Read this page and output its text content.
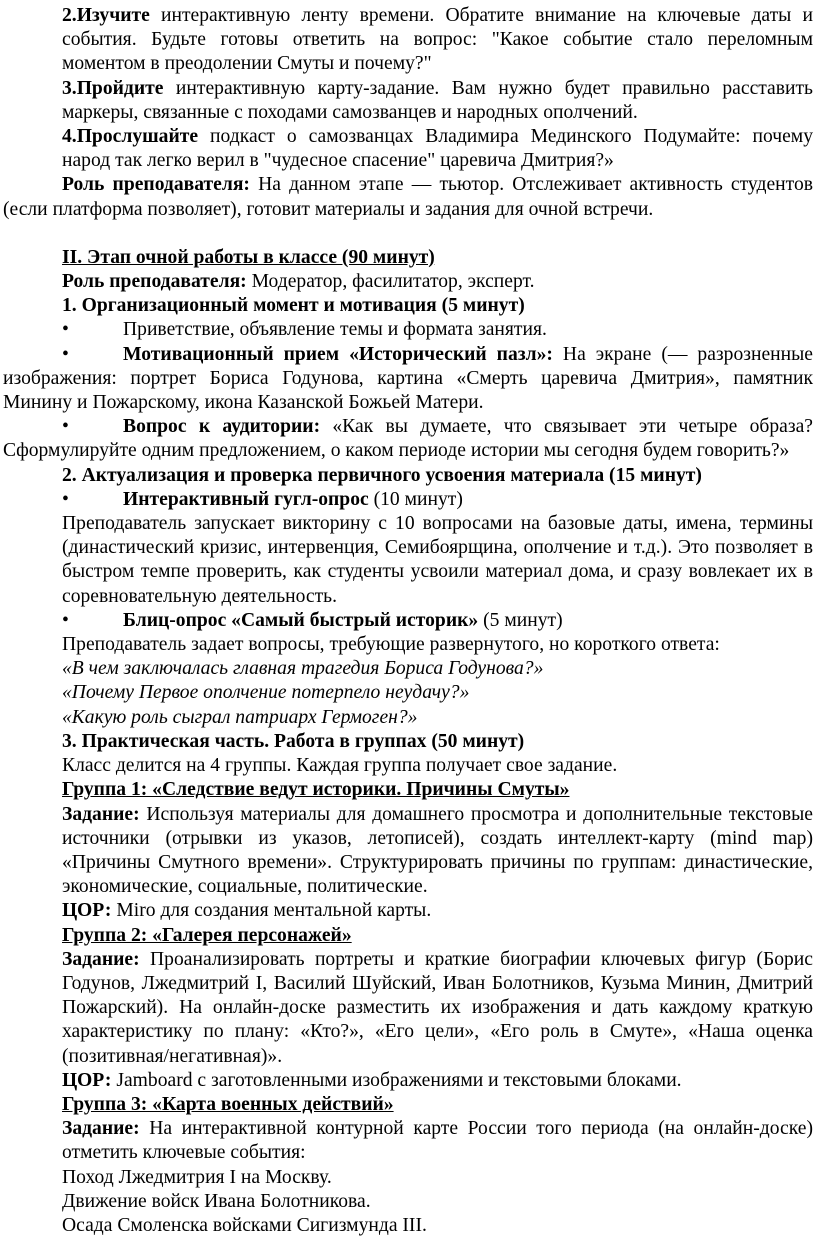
2.Изучите интерактивную ленту времени. Обратите внимание на ключевые даты и события. Будьте готовы ответить на вопрос: "Какое событие стало переломным моментом в преодолении Смуты и почему?"

3.Пройдите интерактивную карту-задание. Вам нужно будет правильно расставить маркеры, связанные с походами самозванцев и народных ополчений.

4.Прослушайте подкаст о самозванцах Владимира Мединского Подумайте: почему народ так легко верил в "чудесное спасение" царевича Дмитрия?»

Роль преподавателя: На данном этапе — тьютор. Отслеживает активность студентов (если платформа позволяет), готовит материалы и задания для очной встречи.

II. Этап очной работы в классе (90 минут)

Роль преподавателя: Модератор, фасилитатор, эксперт.

1. Организационный момент и мотивация (5 минут)

•	Приветствие, объявление темы и формата занятия.

•	Мотивационный прием «Исторический пазл»: На экране (— разрозненные изображения: портрет Бориса Годунова, картина «Смерть царевича Дмитрия», памятник Минину и Пожарскому, икона Казанской Божьей Матери.

•	Вопрос к аудитории: «Как вы думаете, что связывает эти четыре образа? Сформулируйте одним предложением, о каком периоде истории мы сегодня будем говорить?»

2. Актуализация и проверка первичного усвоения материала (15 минут)

•	Интерактивный гугл-опрос (10 минут)

Преподаватель запускает викторину с 10 вопросами на базовые даты, имена, термины (династический кризис, интервенция, Семибоярщина, ополчение и т.д.). Это позволяет в быстром темпе проверить, как студенты усвоили материал дома, и сразу вовлекает их в соревновательную деятельность.

•	Блиц-опрос «Самый быстрый историк» (5 минут)

Преподаватель задает вопросы, требующие развернутого, но короткого ответа:

«В чем заключалась главная трагедия Бориса Годунова?»

«Почему Первое ополчение потерпело неудачу?»

«Какую роль сыграл патриарх Гермоген?»

3. Практическая часть. Работа в группах (50 минут)

Класс делится на 4 группы. Каждая группа получает свое задание.

Группа 1: «Следствие ведут историки. Причины Смуты»

Задание: Используя материалы для домашнего просмотра и дополнительные текстовые источники (отрывки из указов, летописей), создать интеллект-карту (mind map) «Причины Смутного времени». Структурировать причины по группам: династические, экономические, социальные, политические.

ЦОР: Miro для создания ментальной карты.

Группа 2: «Галерея персонажей»

Задание: Проанализировать портреты и краткие биографии ключевых фигур (Борис Годунов, Лжедмитрий I, Василий Шуйский, Иван Болотников, Кузьма Минин, Дмитрий Пожарский). На онлайн-доске разместить их изображения и дать каждому краткую характеристику по плану: «Кто?», «Его цели», «Его роль в Смуте», «Наша оценка (позитивная/негативная)».

ЦОР: Jamboard с заготовленными изображениями и текстовыми блоками.

Группа 3: «Карта военных действий»

Задание: На интерактивной контурной карте России того периода (на онлайн-доске) отметить ключевые события:

Поход Лжедмитрия I на Москву.

Движение войск Ивана Болотникова.

Осада Смоленска войсками Сигизмунда III.
